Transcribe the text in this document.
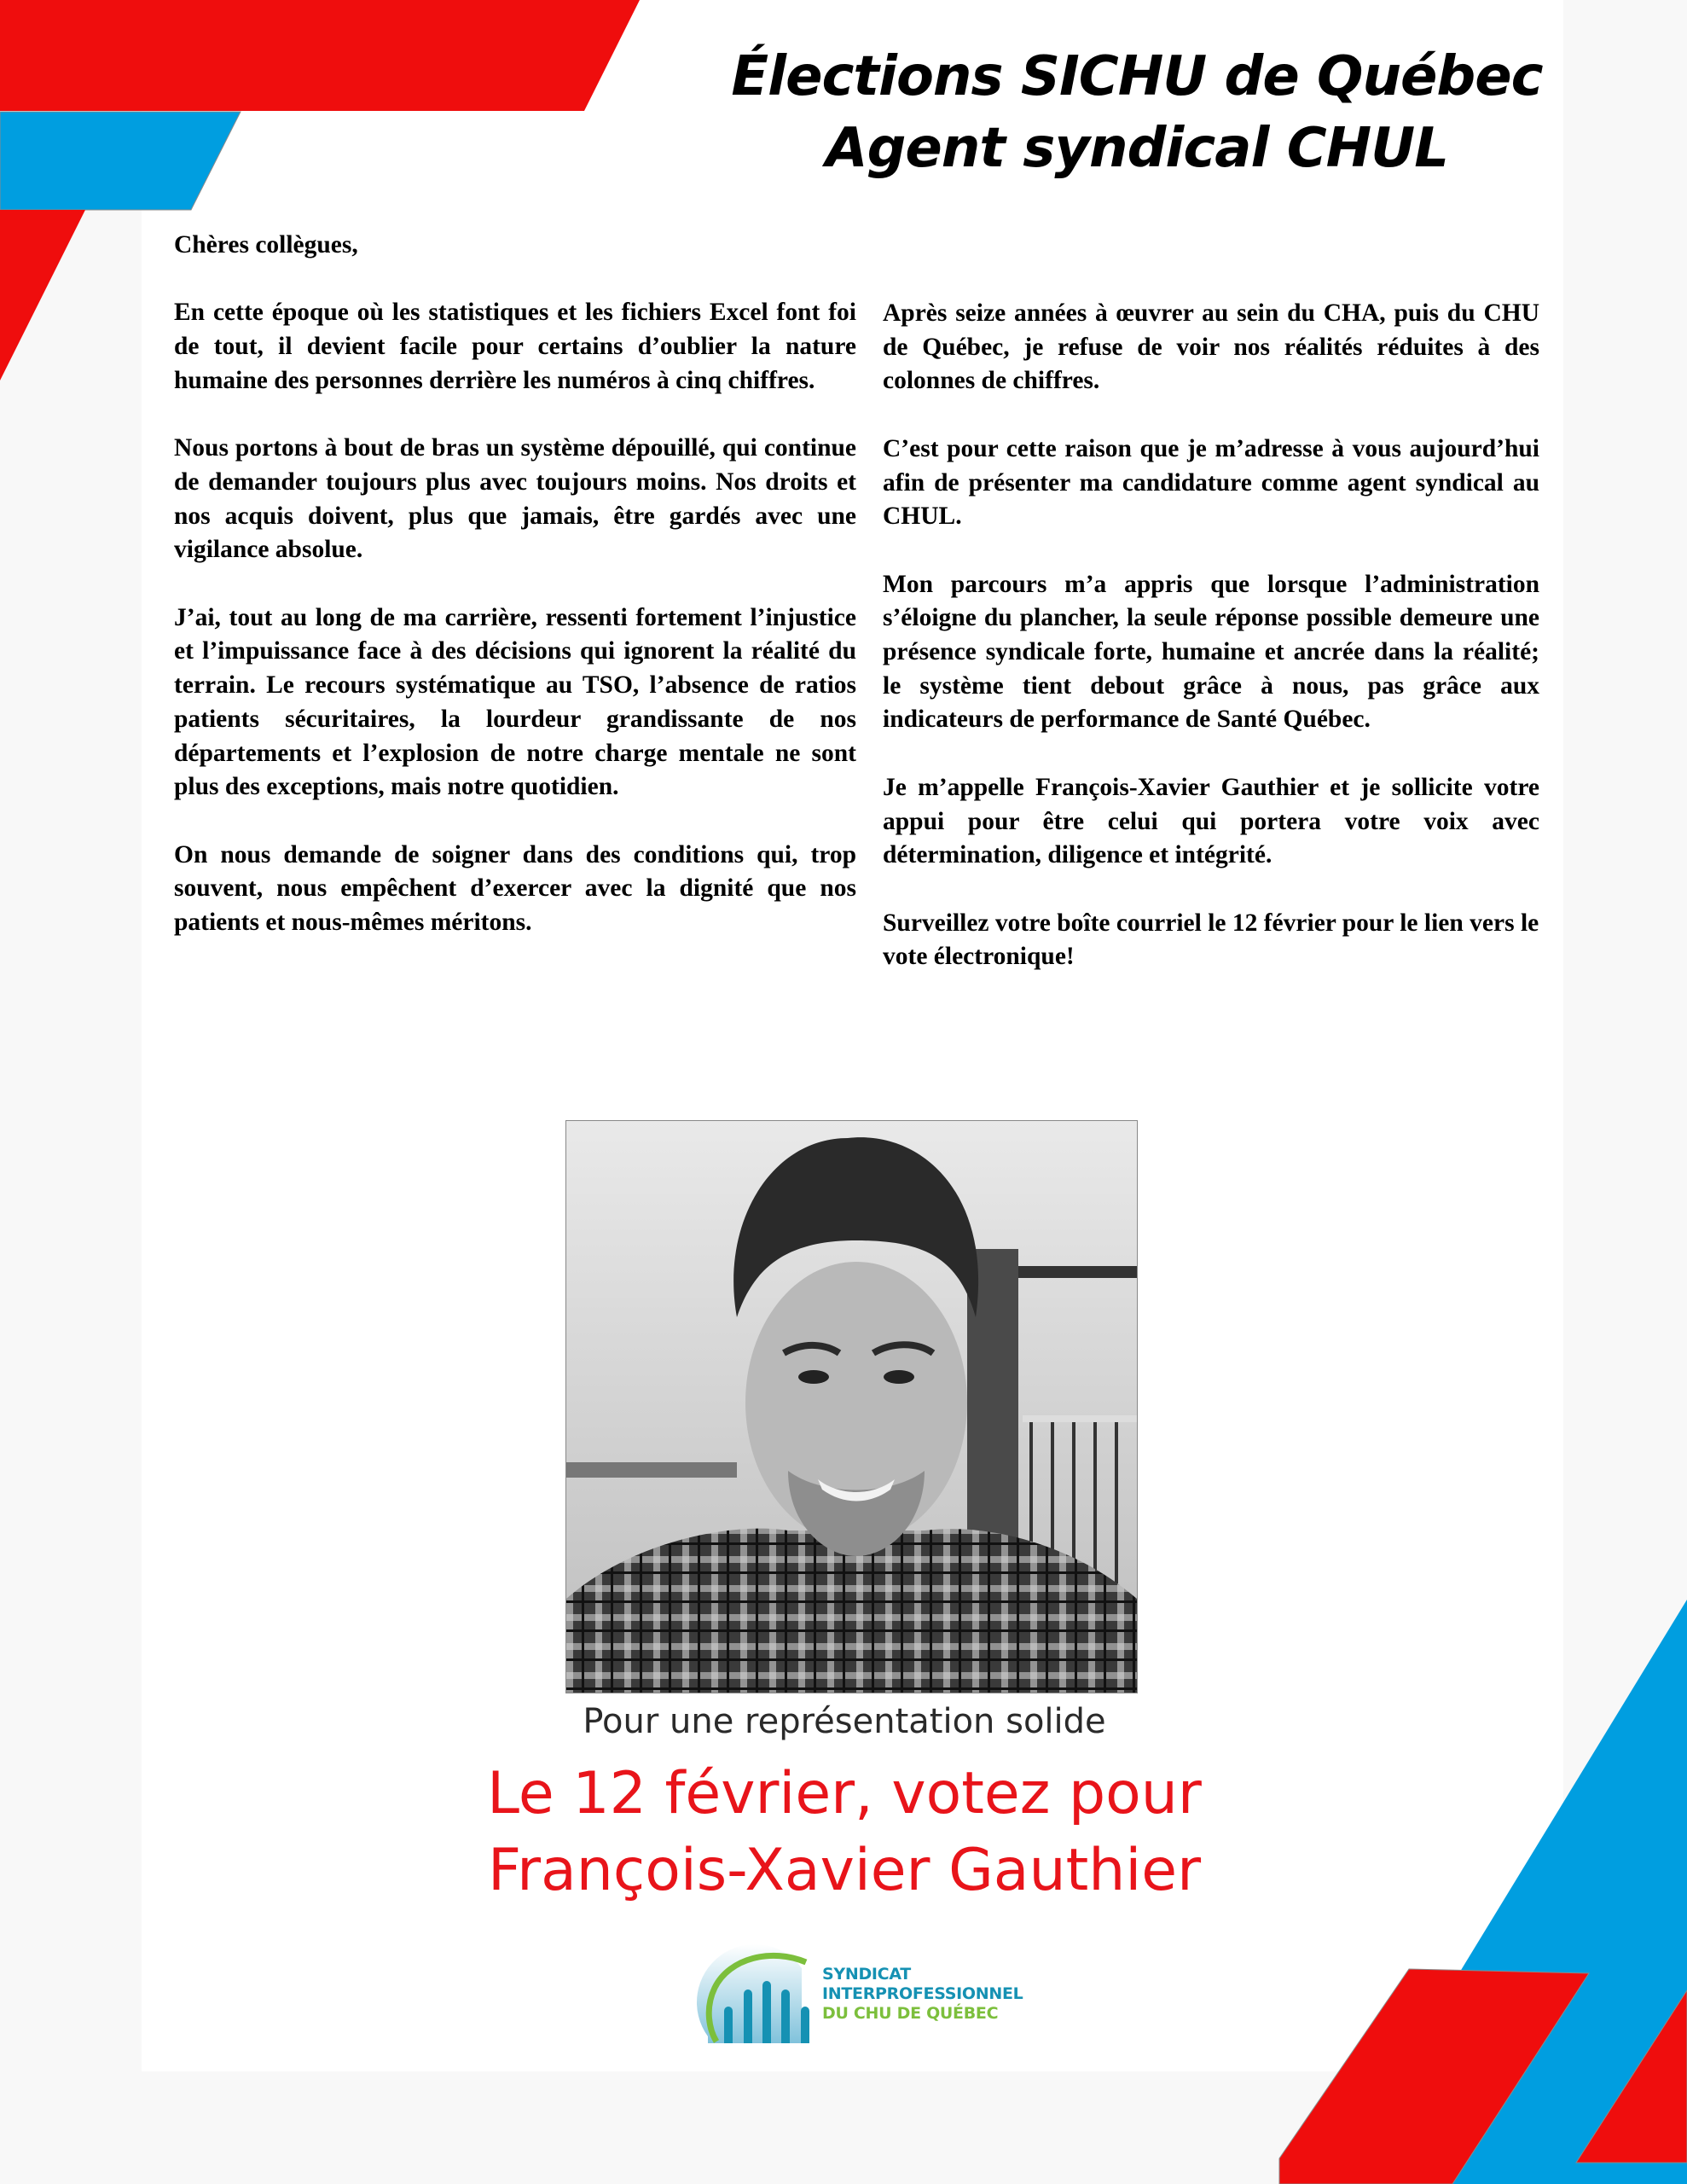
Élections SICHU de Québec
Agent syndical CHUL

Chères collègues,

En cette époque où les statistiques et les fichiers Excel font foi de tout, il devient facile pour certains d’oublier la nature humaine des personnes derrière les numéros à cinq chiffres.

Nous portons à bout de bras un système dépouillé, qui continue de demander toujours plus avec toujours moins. Nos droits et nos acquis doivent, plus que jamais, être gardés avec une vigilance absolue.

J’ai, tout au long de ma carrière, ressenti fortement l’injustice et l’impuissance face à des décisions qui ignorent la réalité du terrain. Le recours systématique au TSO, l’absence de ratios patients sécuritaires, la lourdeur grandissante de nos départements et l’explosion de notre charge mentale ne sont plus des exceptions, mais notre quotidien.

On nous demande de soigner dans des conditions qui, trop souvent, nous empêchent d’exercer avec la dignité que nos patients et nous-mêmes méritons.

Après seize années à œuvrer au sein du CHA, puis du CHU de Québec, je refuse de voir nos réalités réduites à des colonnes de chiffres.

C’est pour cette raison que je m’adresse à vous aujourd’hui afin de présenter ma candidature comme agent syndical au CHUL.

Mon parcours m’a appris que lorsque l’administration s’éloigne du plancher, la seule réponse possible demeure une présence syndicale forte, humaine et ancrée dans la réalité; le système tient debout grâce à nous, pas grâce aux indicateurs de performance de Santé Québec.

Je m’appelle François-Xavier Gauthier et je sollicite votre appui pour être celui qui portera votre voix avec détermination, diligence et intégrité.

Surveillez votre boîte courriel le 12 février pour le lien vers le vote électronique!

Pour une représentation solide
Le 12 février, votez pour
François-Xavier Gauthier
SYNDICAT
INTERPROFESSIONNEL
DU CHU DE QUÉBEC
